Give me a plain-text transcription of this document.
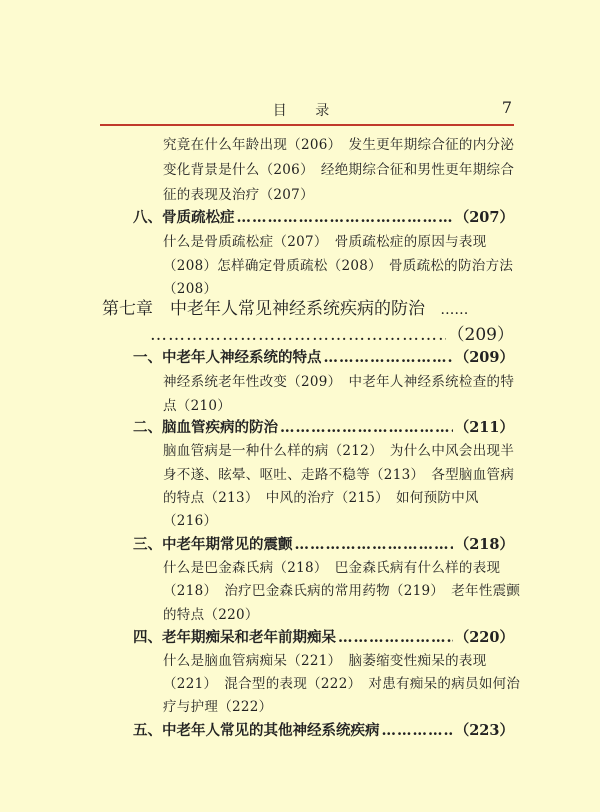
目 录	7
究竟在什么年龄出现（206）　发生更年期综合征的内分泌
变化背景是什么（206）　经绝期综合征和男性更年期综合
征的表现及治疗（207）
八、骨质疏松症 …………………………………………………………………………………………………	（207）
什么是骨质疏松症（207）　骨质疏松症的原因与表现
（208）怎样确定骨质疏松（208）　骨质疏松的防治方法
（208）
第七章　中老年人常见神经系统疾病的防治 ……
…………………………………………………………………………………………………
（209）
一、中老年人神经系统的特点 …………………………………………………………………………………………………	（209）
神经系统老年性改变（209）　中老年人神经系统检查的特
点（210）
二、脑血管疾病的防治 …………………………………………………………………………………………………	（211）
脑血管病是一种什么样的病（212）　为什么中风会出现半
身不遂、眩晕、呕吐、走路不稳等（213）　各型脑血管病
的特点（213）　中风的治疗（215）　如何预防中风
（216）
三、中老年期常见的震颤 …………………………………………………………………………………………………	（218）
什么是巴金森氏病（218）　巴金森氏病有什么样的表现
（218）　治疗巴金森氏病的常用药物（219）　老年性震颤
的特点（220）
四、老年期痴呆和老年前期痴呆 …………………………………………………………………………………………………	（220）
什么是脑血管病痴呆（221）　脑萎缩变性痴呆的表现
（221）　混合型的表现（222）　对患有痴呆的病员如何治
疗与护理（222）
五、中老年人常见的其他神经系统疾病 …………………………………………………………………………………………………	（223）
